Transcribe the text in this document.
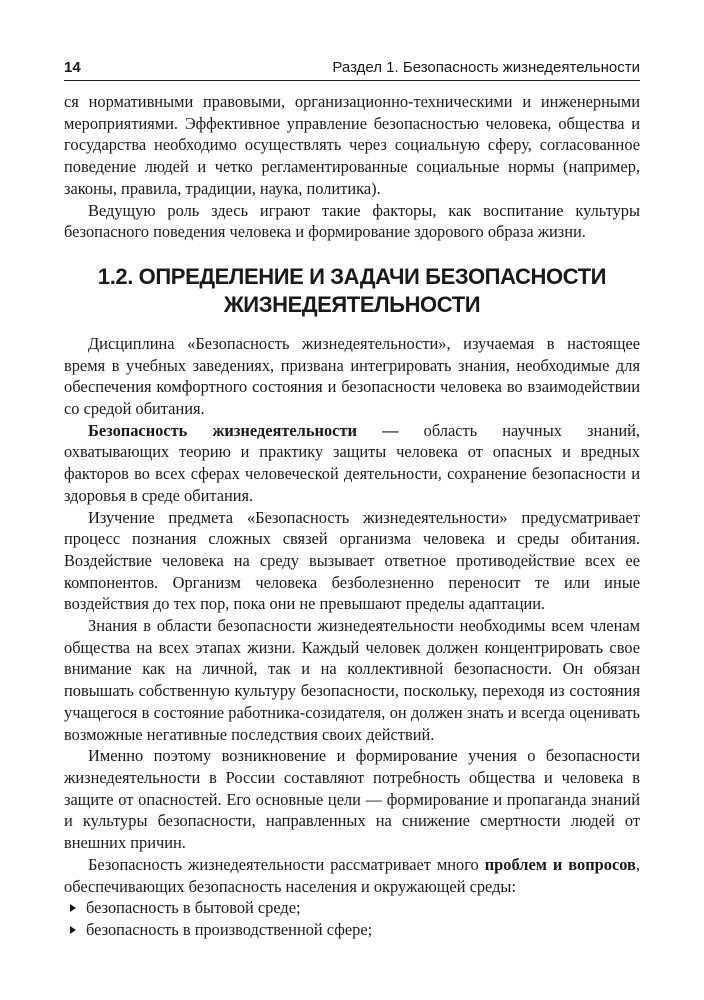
14	Раздел 1. Безопасность жизнедеятельности

ся нормативными правовыми, организационно-техническими и инженерными мероприятиями. Эффективное управление безопасностью человека, общества и государства необходимо осуществлять через социальную сферу, согласованное поведение людей и четко регламентированные социальные нормы (например, законы, правила, традиции, наука, политика).

Ведущую роль здесь играют такие факторы, как воспитание культуры безопасного поведения человека и формирование здорового образа жизни.

1.2. ОПРЕДЕЛЕНИЕ И ЗАДАЧИ БЕЗОПАСНОСТИ
ЖИЗНЕДЕЯТЕЛЬНОСТИ

Дисциплина «Безопасность жизнедеятельности», изучаемая в настоящее время в учебных заведениях, призвана интегрировать знания, необходимые для обеспечения комфортного состояния и безопасности человека во взаимодействии со средой обитания.

Безопасность жизнедеятельности — область научных знаний, охватывающих теорию и практику защиты человека от опасных и вредных факторов во всех сферах человеческой деятельности, сохранение безопасности и здоровья в среде обитания.

Изучение предмета «Безопасность жизнедеятельности» предусматривает процесс познания сложных связей организма человека и среды обитания. Воздействие человека на среду вызывает ответное противодействие всех ее компонентов. Организм человека безболезненно переносит те или иные воздействия до тех пор, пока они не превышают пределы адаптации.

Знания в области безопасности жизнедеятельности необходимы всем членам общества на всех этапах жизни. Каждый человек должен концентрировать свое внимание как на личной, так и на коллективной безопасности. Он обязан повышать собственную культуру безопасности, поскольку, переходя из состояния учащегося в состояние работника-созидателя, он должен знать и всегда оценивать возможные негативные последствия своих действий.

Именно поэтому возникновение и формирование учения о безопасности жизнедеятельности в России составляют потребность общества и человека в защите от опасностей. Его основные цели — формирование и пропаганда знаний и культуры безопасности, направленных на снижение смертности людей от внешних причин.

Безопасность жизнедеятельности рассматривает много проблем и вопросов, обеспечивающих безопасность населения и окружающей среды:

безопасность в бытовой среде;
безопасность в производственной сфере;
